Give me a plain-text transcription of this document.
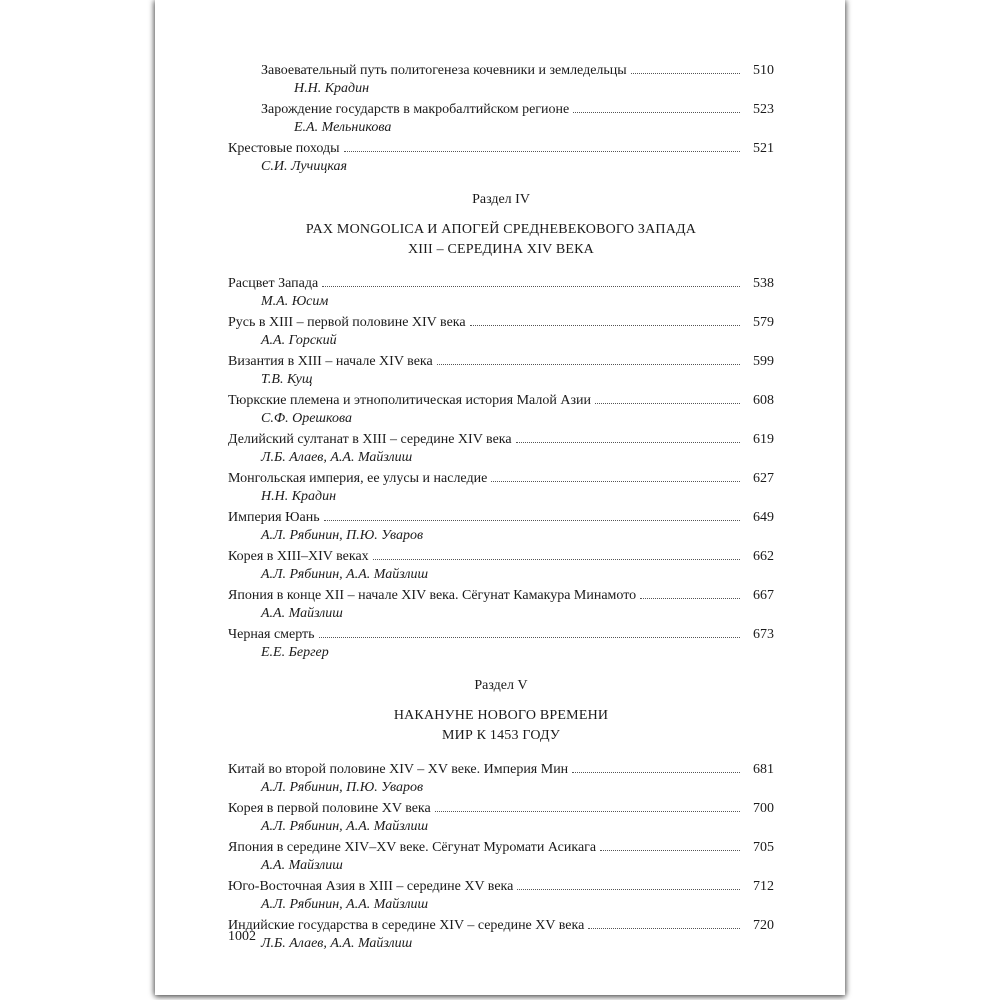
Завоевательный путь политогенеза кочевники и земледельцы	510
Н.Н. Крадин
Зарождение государств в макробалтийском регионе	523
Е.А. Мельникова
Крестовые походы	521
С.И. Лучицкая
Раздел IV
PAX MONGOLICA И АПОГЕЙ СРЕДНЕВЕКОВОГО ЗАПАДА
XIII – СЕРЕДИНА XIV ВЕКА
Расцвет Запада	538
М.А. Юсим
Русь в XIII – первой половине XIV века	579
А.А. Горский
Византия в XIII – начале XIV века	599
Т.В. Кущ
Тюркские племена и этнополитическая история Малой Азии	608
С.Ф. Орешкова
Делийский султанат в XIII – середине XIV века	619
Л.Б. Алаев, А.А. Майзлиш
Монгольская империя, ее улусы и наследие	627
Н.Н. Крадин
Империя Юань	649
А.Л. Рябинин, П.Ю. Уваров
Корея в XIII–XIV веках	662
А.Л. Рябинин, А.А. Майзлиш
Япония в конце XII – начале XIV века. Сёгунат Камакура Минамото	667
А.А. Майзлиш
Черная смерть	673
Е.Е. Бергер
Раздел V
НАКАНУНЕ НОВОГО ВРЕМЕНИ
МИР К 1453 ГОДУ
Китай во второй половине XIV – XV веке. Империя Мин	681
А.Л. Рябинин, П.Ю. Уваров
Корея в первой половине XV века	700
А.Л. Рябинин, А.А. Майзлиш
Япония в середине XIV–XV веке. Сёгунат Муромати Асикага	705
А.А. Майзлиш
Юго-Восточная Азия в XIII – середине XV века	712
А.Л. Рябинин, А.А. Майзлиш
Индийские государства в середине XIV – середине XV века	720
Л.Б. Алаев, А.А. Майзлиш
1002
